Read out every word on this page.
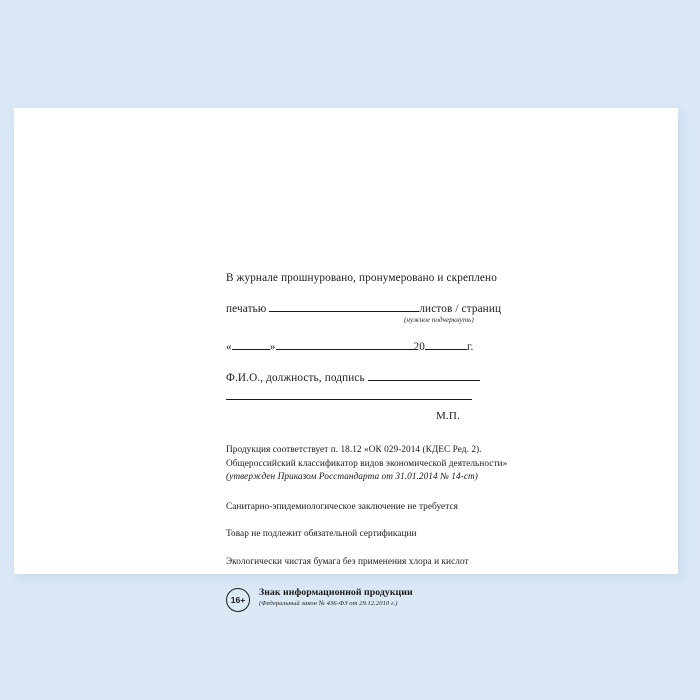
В журнале прошнуровано, пронумеровано и скреплено
печатью	листов / страниц
(нужное подчеркнуть)
«	»	20	г.
Ф.И.О., должность, подпись
М.П.
Продукция соответствует п. 18.12 «ОК 029-2014 (КДЕС Ред. 2).
Общероссийский классификатор видов экономической деятельности»
(утвержден Приказом Росстандарта от 31.01.2014 № 14-ст)
Санитарно-эпидемиологическое заключение не требуется
Товар не подлежит обязательной сертификации
Экологически чистая бумага без применения хлора и кислот
16+
Знак информационной продукции
(Федеральный закон № 436-ФЗ от 29.12.2010 г.)
